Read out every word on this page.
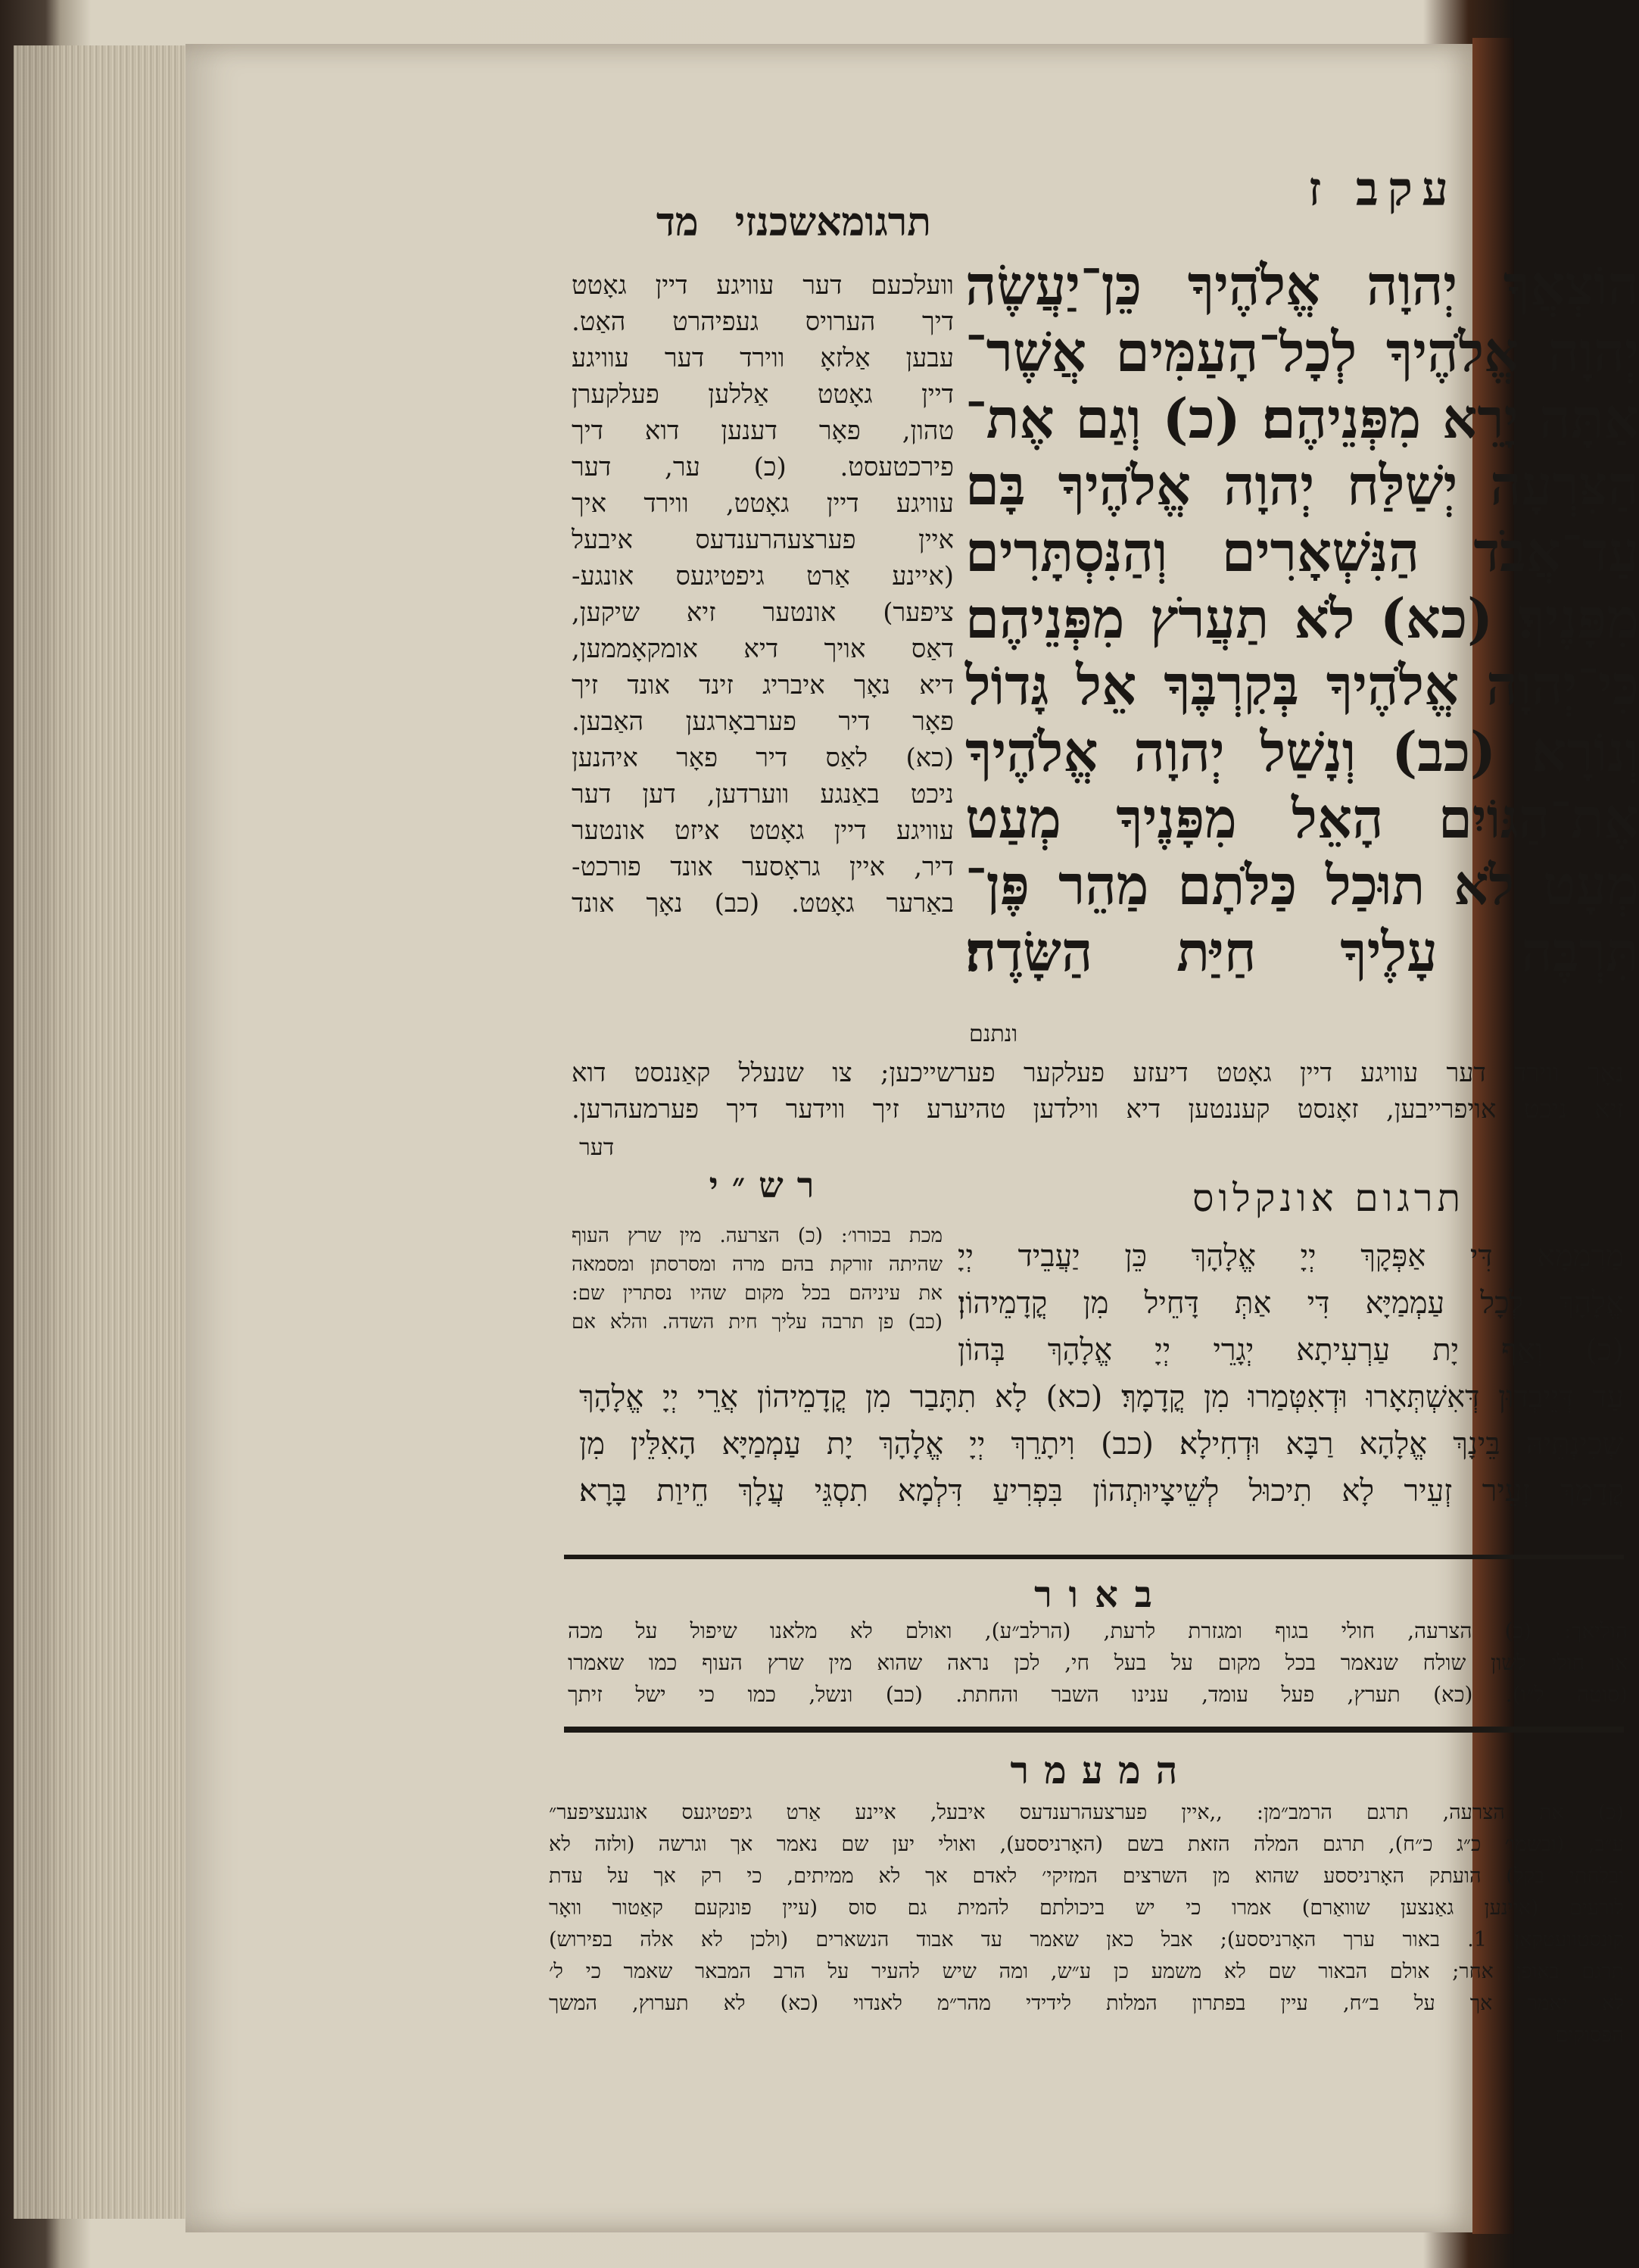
עקב ז
תרגומאשכנזי מד
הוֹצְאֲךָ יְהוָה אֱלֹהֶיךָ כֵּן־יַעֲשֶׂה
יְהוָה אֱלֹהֶיךָ לְכָל־הָעַמִּים אֲשֶׁר־
אַתָּה יָרֵא מִפְּנֵיהֶם׃ (כ) וְגַם אֶת־
הַצִּרְעָה יְשַׁלַּח יְהוָה אֱלֹהֶיךָ בָּם
עַד־אֲבֹד הַנִּשְׁאָרִים וְהַנִּסְתָּרִים
מִפָּנֶיךָ׃ (כא) לֹא תַעֲרֹץ מִפְּנֵיהֶם
כִּי־יְהוָה אֱלֹהֶיךָ בְּקִרְבֶּךָ אֵל גָּדוֹל
וְנוֹרָא׃ (כב) וְנָשַׁל יְהוָה אֱלֹהֶיךָ
אֶת־הַגּוֹיִם הָאֵל מִפָּנֶיךָ מְעַט
מְעָט לֹא תוּכַל כַּלֹּתָם מַהֵר פֶּן־
תִּרְבֶּה עָלֶיךָ חַיַּת הַשָּׂדֶה׃
ונתנם
וועלכעם דער עוויגע דיין גאָטט
דיך הערויס געפיהרט האַט.
עבען אַלזאָ ווירד דער עוויגע
דיין גאָטט אַללען פעלקערן
טהון, פאָר דענען דוא דיך
פירכטעסט. (כ) ער, דער
עוויגע דיין גאָטט, ווירד איך
איין פערצעהרענדעס איבעל
(איינע אַרט גיפטיגעס אונגע-
ציפער) אונטער זיא שיקען,
דאַס אויך דיא אומקאָממען,
דיא נאָך איבריג זינד אונד זיך
פאָר דיר פערבאָרגען האַבען.
(כא) לאַס דיר פאָר איהנען
ניכט באַנגע ווערדען, דען דער
עוויגע דיין גאָטט איזט אונטער
דיר, איין גראָסער אונד פורכט-
באַרער גאָטט. (כב) נאָך אונד
נאָך ווירד דער עוויגע דיין גאָטט דיעזע פעלקער פערשייכען; צו שנעלל קאַננסט דוא
זיא ניכט אויפרייבען, זאָנסט קעננטען דיא ווילדען טהיערע זיך ווידער דיך פערמעהרען.
דער
תרגום אונקלוס
רש״י
מכת בכורו׳: (כ) הצרעה. מין שרץ העוף
שהיתה זורקת בהם מרה ומסרסתן ומסמאה
את עיניהם בכל מקום שהיו נסתרין שם:
(כב) פן תרבה עליך חית השדה. והלא אם
מַרְמְמָא דִּי אַפְּקָךְ יְיָ אֱלָהָךְ כֵּן יַעֲבֵיד יְיָ
אֱלָהָךְ לְכָל עַמְמַיָּא דִּי אַתְּ דָּחֵיל מִן קֳדָמֵיהוֹן׃
(כ) וְאַף יָת עַרְעִיתָא יְגָרֵי יְיָ אֱלָהָךְ בְּהוֹן
עַד דְּיֵיבְדוּן דְּאִשְׁתְּאָרוּ וּדְאִטְּמַרוּ מִן קֳדָמָךְ׃ (כא) לָא תִתָּבַר מִן קֳדָמֵיהוֹן אֲרֵי יְיָ אֱלָהָךְ
שְׁכִינְתֵּיהּ בֵּינָךְ אֱלָהָא רַבָּא וּדְחִילָא׃ (כב) וִיתָרֵךְ יְיָ אֱלָהָךְ יָת עַמְמַיָּא הָאִלֵּין מִן
קֳדָמָךְ זְעֵיר זְעֵיר לָא תִיכוּל לְשֵׁיצָיוּתְהוֹן בִּפְרִיעַ דִּלְמָא תִסְגֵּי עֲלָךְ חֵיוַת בָּרָא׃
באור
הוליאך: (כ) הצרעה, חולי בגוף ומגזרת לרעת, (הרלב״ע), ואולם לא מלאנו שיפול על מכה
או חולי לשון שולח שנאמר בכל מקום על בעל חי, לכן נראה שהוא מין שרץ העוף כמו שאמרו
(סוטה ל״ו). (כא) תערץ, פעל עומד, ענינו השבר והחתת. (כב) ונשל, כמו כי ישל זיתך
המעמר
(כ) את הצרעה, תרגם הרמב״מן: ,,איין פערצעהרענדעס איבעל, איינע אַרט גיפטיגעס אונגעציפער״
ע״ב, (ובשמו׳ כ״ג כ״ח), תרגם המלה הזאת בשם (האָרניססע), ואולי יען שם נאמר אך וגרשה (ולזה לא
ובלחתי בקל) הועתק האָרניססע שהוא מן השרצים המזיקי׳ לאדם אך לא ממיתים, כי רק אך על עדת
לורעים (איינען גאַנצען שוואַרם) אמרו כי יש ביכולתם להמית גם סוס (עיין פונקעם קאַטור וואָר
קונסטוועטקאַן 1. באור ערך האָרניססע); אבל כאן שאמר עד אבוד הנשארים (ולכן לא אלה בפירוש)
תרגם באופן אחר; אולם הבאור שם לא משמע כן ע״ש, ומה שיש להעיר על הרב המבאר שאמר כי ל׳
לא יאמר אך על ב״ח, עיין בפתרון המלות לידידי מהר״מ לאנדוי (כא) לא תערוץ, המשך
הפסוקים
